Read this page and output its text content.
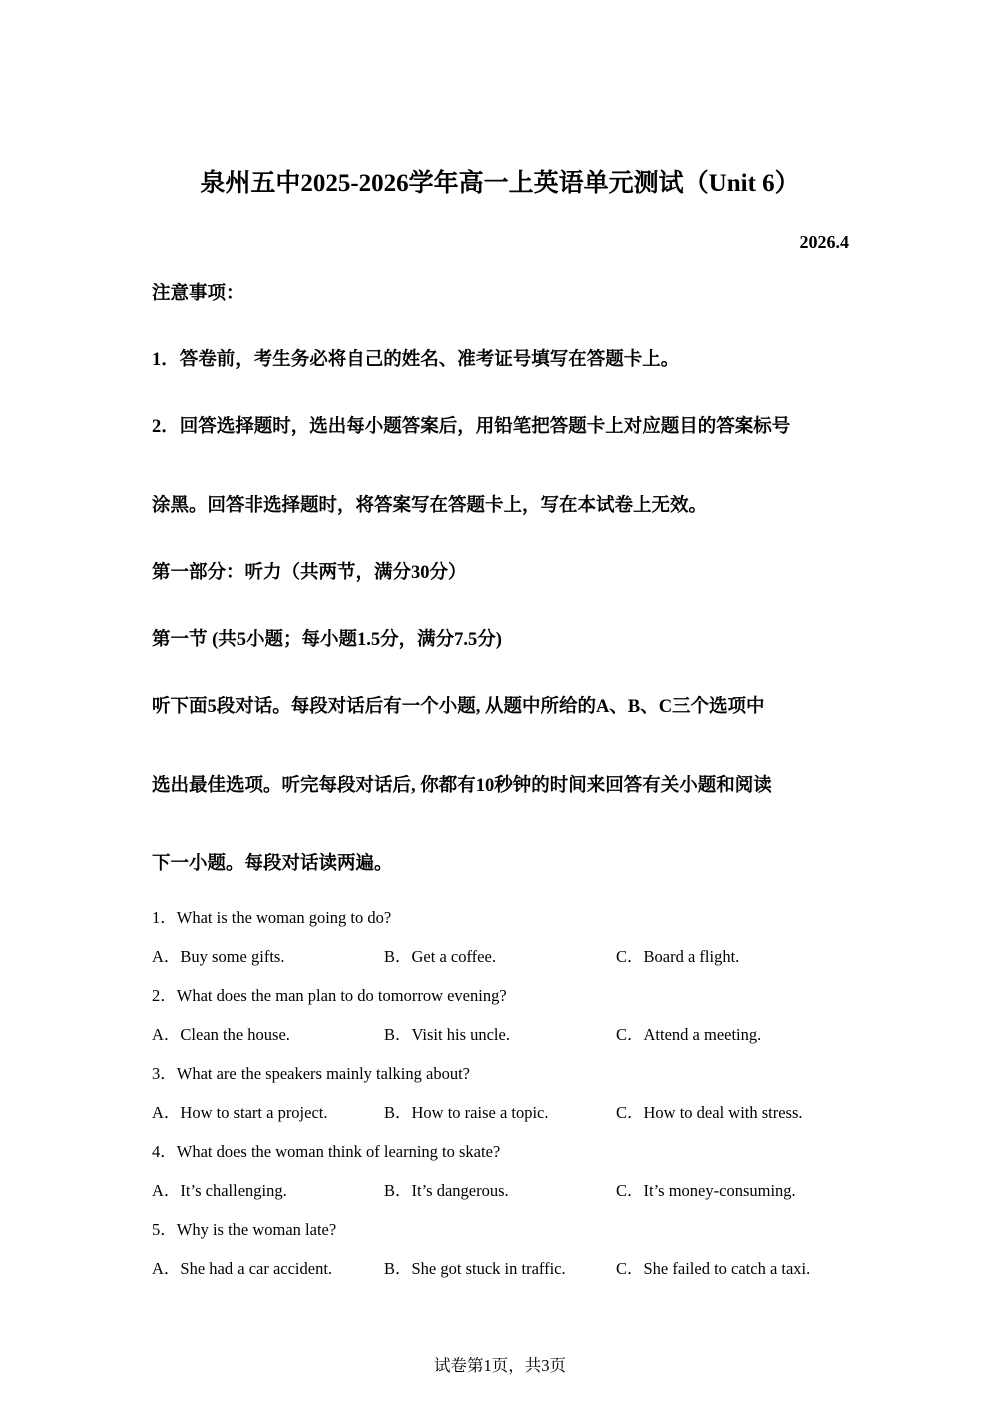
泉州五中2025-2026学年高一上英语单元测试（Unit 6）
2026.4
注意事项：
1．答卷前，考生务必将自己的姓名、准考证号填写在答题卡上。
2．回答选择题时，选出每小题答案后，用铅笔把答题卡上对应题目的答案标号
涂黑。回答非选择题时，将答案写在答题卡上，写在本试卷上无效。
第一部分：听力（共两节，满分30分）
第一节 (共5小题；每小题1.5分，满分7.5分)
听下面5段对话。每段对话后有一个小题, 从题中所给的A、B、C三个选项中
选出最佳选项。听完每段对话后, 你都有10秒钟的时间来回答有关小题和阅读
下一小题。每段对话读两遍。
1．What is the woman going to do?
A．Buy some gifts.	B．Get a coffee.	C．Board a flight.
2．What does the man plan to do tomorrow evening?
A．Clean the house.	B．Visit his uncle.	C．Attend a meeting.
3．What are the speakers mainly talking about?
A．How to start a project.	B．How to raise a topic.	C．How to deal with stress.
4．What does the woman think of learning to skate?
A．It’s challenging.	B．It’s dangerous.	C．It’s money-consuming.
5．Why is the woman late?
A．She had a car accident.	B．She got stuck in traffic.	C．She failed to catch a taxi.
试卷第1页，共3页
